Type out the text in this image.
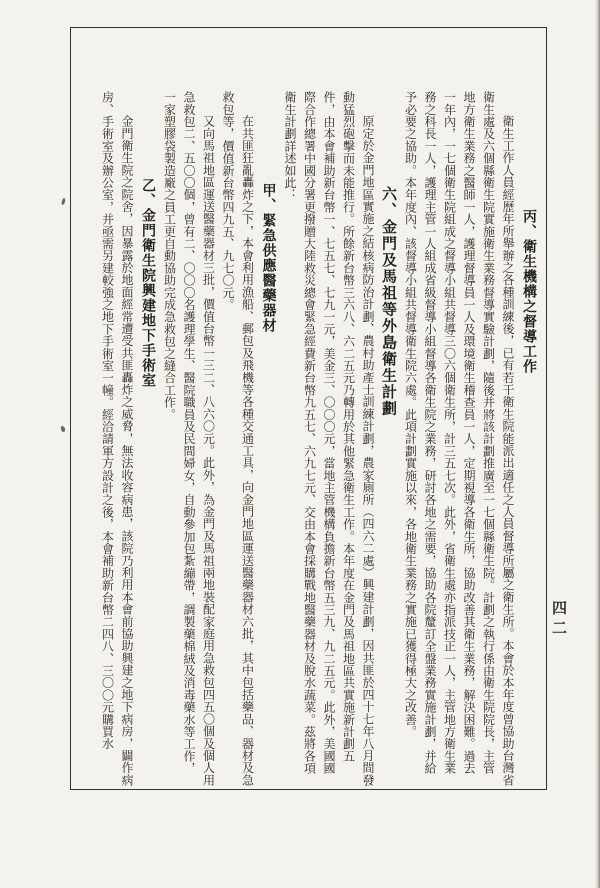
丙、衛生機構之督導工作

衛生工作人員經歷年所舉辦之各種訓練後，已有若干衛生院能派出適任之人員督導所屬之衛生所。本會於本年度曾協助台灣省衛生處及六個縣衛生院實施衛生業務督導實驗計劃，隨後并將該計劃推廣至一七個縣衛生院。計劃之執行係由衛生院院長，主管地方衛生業務之醫師一人，護理督導員一人及環境衛生稽查員一人，定期視導各衛生所，協助改善其衛生業務，解決困難。過去一年內，一七個衛生院組成之督導小組共督導三〇六個衛生所，計三五七次。此外，省衛生處亦指派技正一人，主管地方衛生業務之科長一人，護理主管一人組成省級督導小組督導各衛生院之業務，研討各地之需要，協助各院釐訂全盤業務實施計劃，并給予必要之協助。本年度內、該督導小組共督導衛生院六處。此項計劃實施以來，各地衛生業務之實施已獲得極大之改善。

六、金門及馬祖等外島衛生計劃

原定於金門地區實施之結核病防治計劃、農村助產士訓練計劃，農家廁所（四六二處）興建計劃，因共匪於四十七年八月間發動猛烈砲擊而未能推行。所餘新台幣三六八、六二五元乃轉用於其他緊急衛生工作。本年度在金門及馬祖地區共實施新計劃五件，由本會補助新台幣一、七五七、七九一元，美金三、〇〇〇元，當地主管機構負擔新台幣五三九、九二五元。此外，美國國際合作總署中國分署更撥贈大陸救災總會緊急經費新台幣九五七、六九七元、交由本會採購戰地醫藥器材及脫水蔬菜。茲將各項衛生計劃詳述如此：

甲、緊急供應醫藥器材

在共匪狂亂轟炸之下，本會利用漁船、郵包及飛機等各種交通工具，向金門地區運送醫藥器材六批，其中包括藥品、器材及急救包等，價值新台幣四九五、九七〇元。

又向馬祖地區運送醫藥器材三批，價值台幣一三二、八六〇元。此外，為金門及馬祖兩地裝配家庭用急救包四五〇個及個人用急救包二、五〇〇個，曾有二、〇〇〇名護理學生、醫院職員及民間婦女，自動參加包紮繃帶，調製藥棉絨及消毒藥水等工作，一家塑膠袋製造廠之員工更自動協助完成急救包之縫合工作。

乙、金門衛生院興建地下手術室

金門衛生院之院舍，因暴露於地面經常遭受共匪轟炸之威脅，無法收容病患，該院乃利用本會前協助興建之地下病房，闢作病房、手術室及辦公室，并亟需另建較強之地下手術室一幢。經洽請軍方設計之後，本會補助新台幣二四八、三〇〇元購買水	四二
